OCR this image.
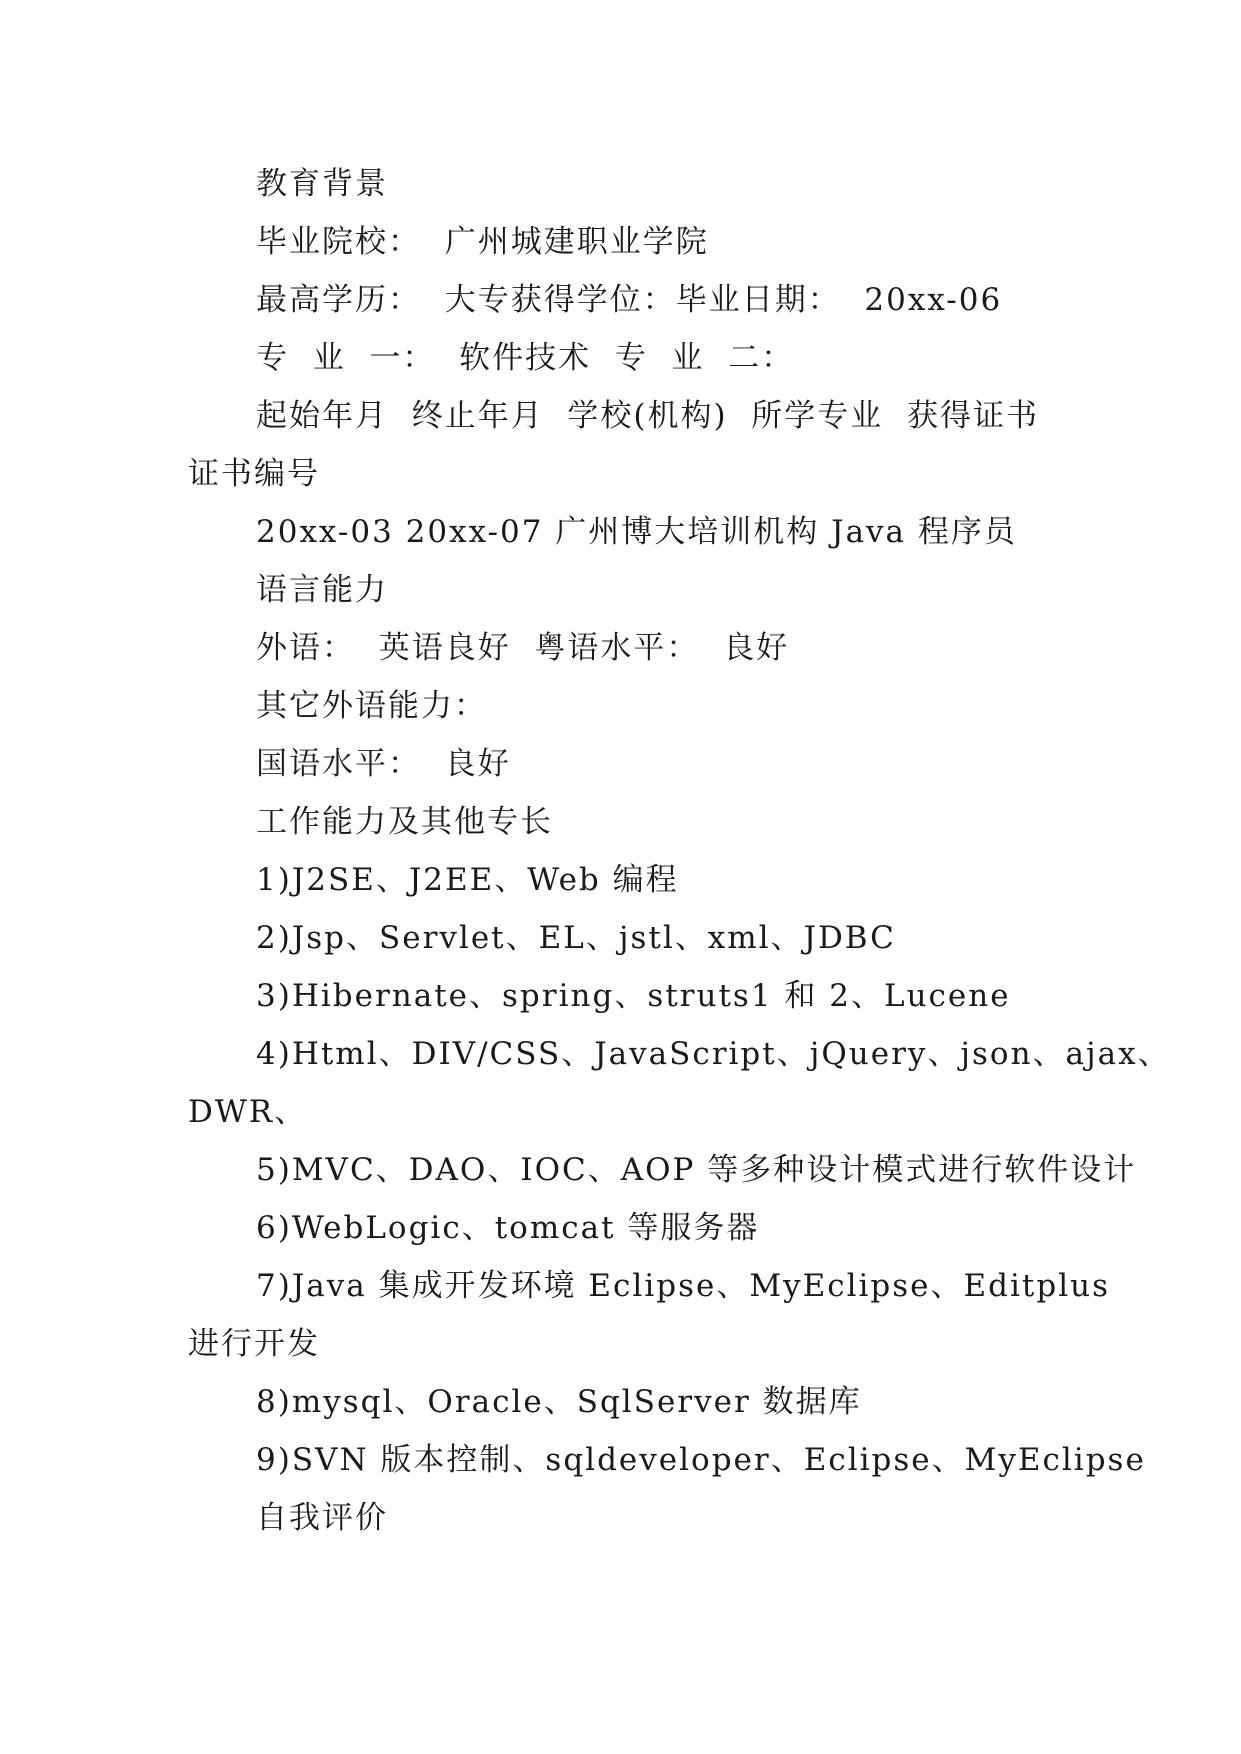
教育背景
毕业院校：  广州城建职业学院
最高学历：  大专获得学位：毕业日期：  20xx-06
专  业  一：  软件技术  专  业  二：
起始年月  终止年月  学校(机构)  所学专业  获得证书
证书编号
20xx-03 20xx-07 广州博大培训机构 Java 程序员
语言能力
外语：  英语良好  粤语水平：  良好
其它外语能力：
国语水平：  良好
工作能力及其他专长
1)J2SE、J2EE、Web 编程
2)Jsp、Servlet、EL、jstl、xml、JDBC
3)Hibernate、spring、struts1 和 2、Lucene
4)Html、DIV/CSS、JavaScript、jQuery、json、ajax、
DWR、
5)MVC、DAO、IOC、AOP 等多种设计模式进行软件设计
6)WebLogic、tomcat 等服务器
7)Java 集成开发环境 Eclipse、MyEclipse、Editplus
进行开发
8)mysql、Oracle、SqlServer 数据库
9)SVN 版本控制、sqldeveloper、Eclipse、MyEclipse
自我评价
